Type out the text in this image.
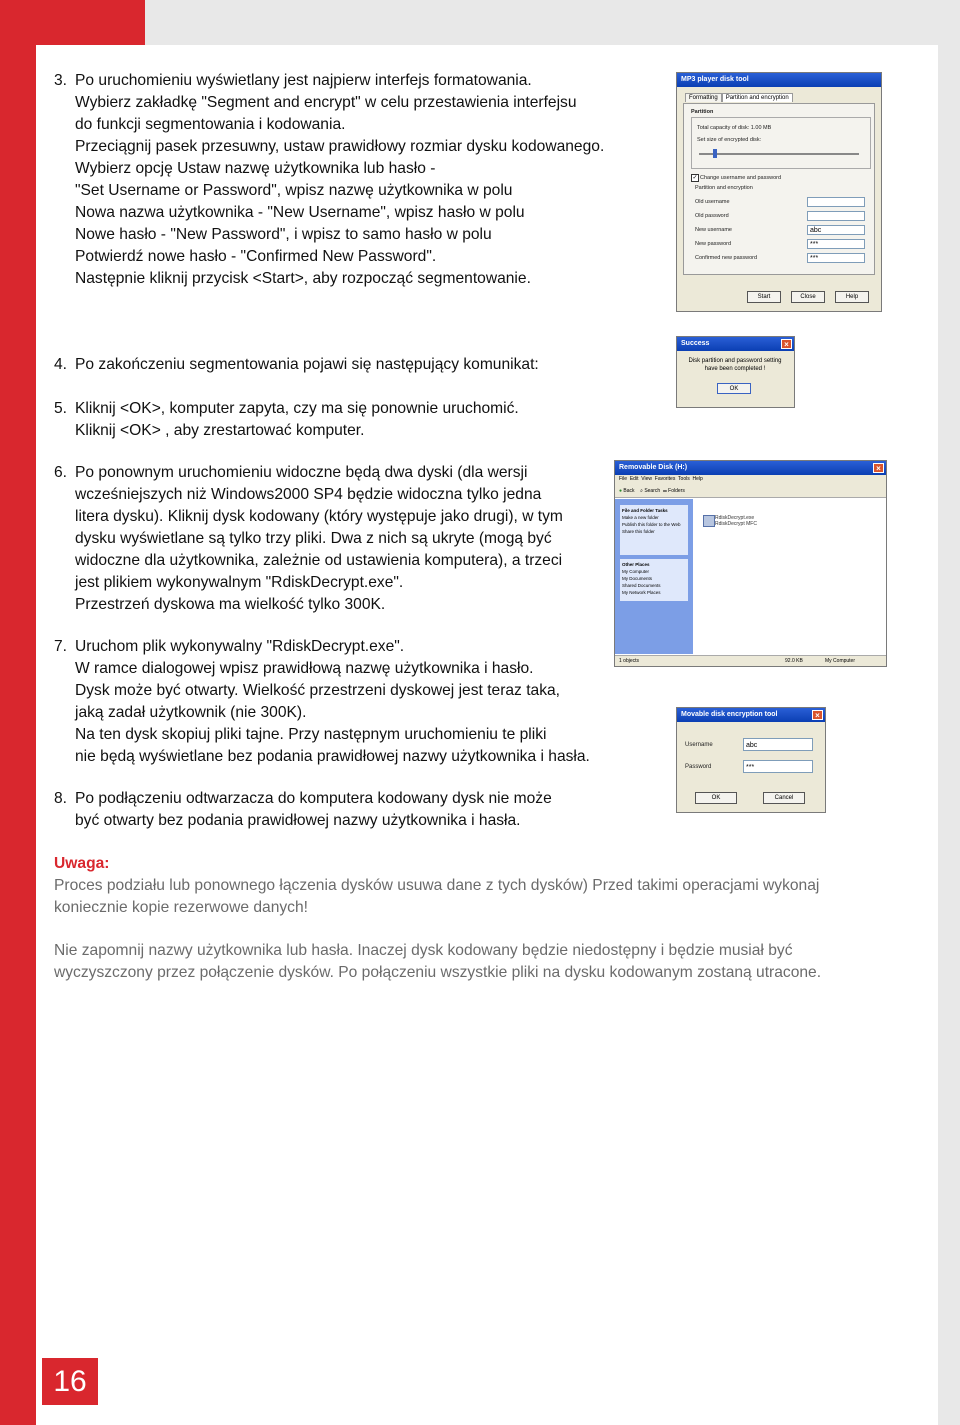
3. Po uruchomieniu wyświetlany jest najpierw interfejs formatowania.
Wybierz zakładkę "Segment and encrypt" w celu przestawienia interfejsu
do funkcji segmentowania i kodowania.
Przeciągnij pasek przesuwny, ustaw prawidłowy rozmiar dysku kodowanego.
Wybierz opcję Ustaw nazwę użytkownika lub hasło -
"Set Username or Password", wpisz nazwę użytkownika w polu
Nowa nazwa użytkownika - "New Username", wpisz hasło w polu
Nowe hasło - "New Password", i wpisz to samo hasło w polu
Potwierdź nowe hasło - "Confirmed New Password".
Następnie kliknij przycisk <Start>, aby rozpocząć segmentowanie.
4. Po zakończeniu segmentowania pojawi się następujący komunikat:
5. Kliknij <OK>, komputer zapyta, czy ma się ponownie uruchomić.
Kliknij <OK> , aby zrestartować komputer.
6. Po ponownym uruchomieniu widoczne będą dwa dyski (dla wersji
wcześniejszych niż Windows2000 SP4 będzie widoczna tylko jedna
litera dysku). Kliknij dysk kodowany (który występuje jako drugi), w tym
dysku wyświetlane są tylko trzy pliki. Dwa z nich są ukryte (mogą być
widoczne dla użytkownika, zależnie od ustawienia komputera), a trzeci
jest plikiem wykonywalnym "RdiskDecrypt.exe".
Przestrzeń dyskowa ma wielkość tylko 300K.
7. Uruchom plik wykonywalny "RdiskDecrypt.exe".
W ramce dialogowej wpisz prawidłową nazwę użytkownika i hasło.
Dysk może być otwarty. Wielkość przestrzeni dyskowej jest teraz taka,
jaką zadał użytkownik (nie 300K).
Na ten dysk skopiuj pliki tajne. Przy następnym uruchomieniu te pliki
nie będą wyświetlane bez podania prawidłowej nazwy użytkownika i hasła.
8. Po podłączeniu odtwarzacza do komputera kodowany dysk nie może
być otwarty bez podania prawidłowej nazwy użytkownika i hasła.
Uwaga:
Proces podziału lub ponownego łączenia dysków usuwa dane z tych dysków) Przed takimi operacjami wykonaj
koniecznie kopie rezerwowe danych!
Nie zapomnij nazwy użytkownika lub hasła. Inaczej dysk kodowany będzie niedostępny i będzie musiał być
wyczyszczony przez połączenie dysków. Po połączeniu wszystkie pliki na dysku kodowanym zostaną utracone.
MP3 player disk tool
Formatting Partition and encryption
Partition
Total capacity of disk: 1.00 MB
Set size of encrypted disk:
✓ Change username and password
Partition and encryption
Old username
Old password
New username	abc
New password	***
Confirmed new password	***
Start	Close	Help
Success	×
Disk partition and password setting have been completed !
OK
Removable Disk (H:)	×
File Edit View Favorites Tools Help
● Back ⌕ Search ▭ Folders
File and Folder Tasks
Make a new folder
Publish this folder to the Web
Share this folder
Other Places
My Computer
My Documents
Shared Documents
My Network Places
RdiskDecrypt.exe
RdiskDecrypt MFC
1 objects	92.0 KB	My Computer
Movable disk encryption tool	×
Username	abc
Password	***
OK	Cancel
16
